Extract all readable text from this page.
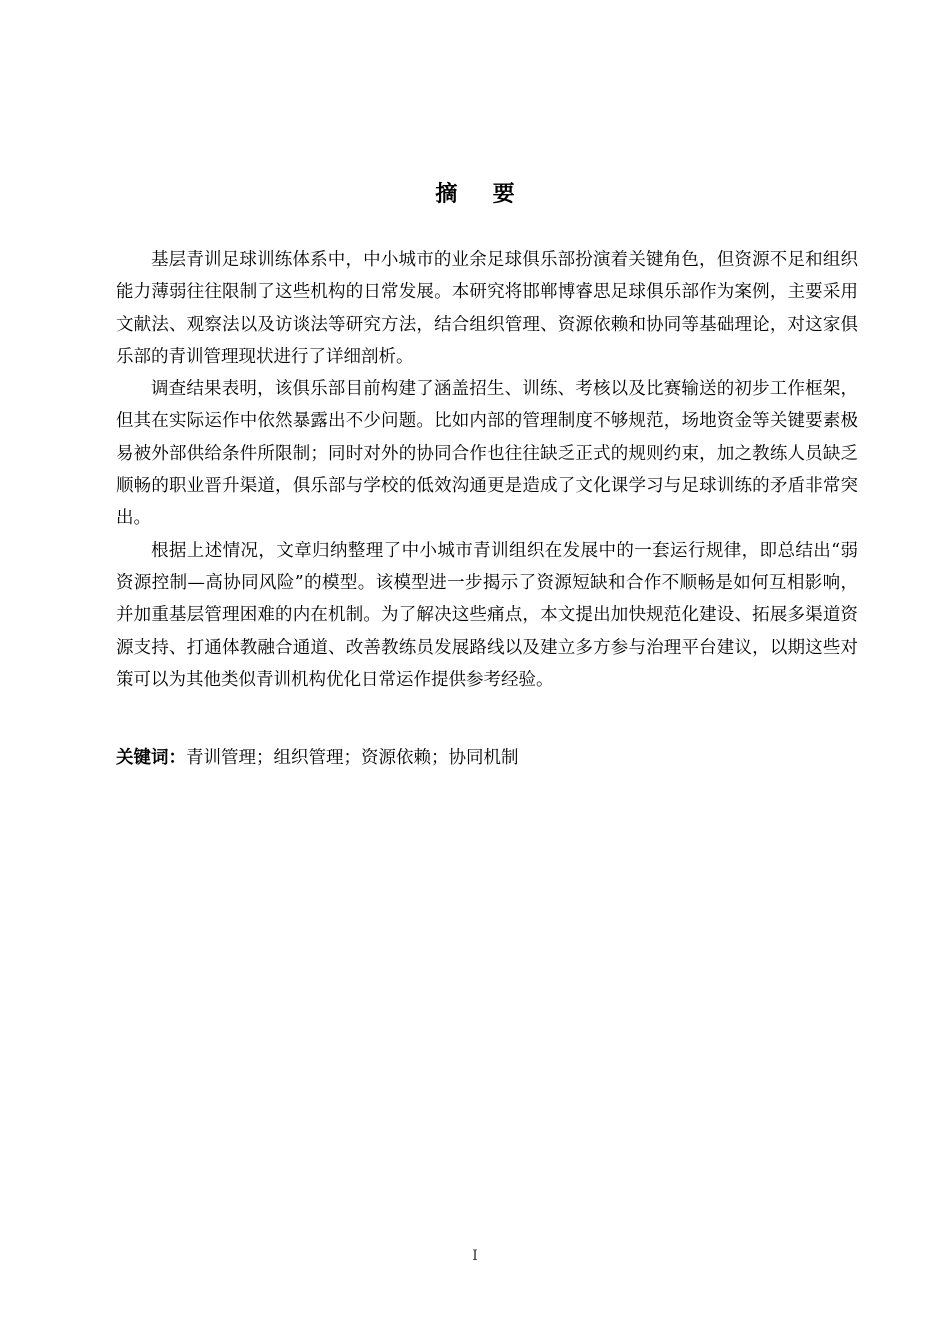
摘要

基层青训足球训练体系中，中小城市的业余足球俱乐部扮演着关键角色，但资源不足和组织能力薄弱往往限制了这些机构的日常发展。本研究将邯郸博睿思足球俱乐部作为案例，主要采用文献法、观察法以及访谈法等研究方法，结合组织管理、资源依赖和协同等基础理论，对这家俱乐部的青训管理现状进行了详细剖析。

调查结果表明，该俱乐部目前构建了涵盖招生、训练、考核以及比赛输送的初步工作框架，但其在实际运作中依然暴露出不少问题。比如内部的管理制度不够规范，场地资金等关键要素极易被外部供给条件所限制；同时对外的协同合作也往往缺乏正式的规则约束，加之教练人员缺乏顺畅的职业晋升渠道，俱乐部与学校的低效沟通更是造成了文化课学习与足球训练的矛盾非常突出。

根据上述情况，文章归纳整理了中小城市青训组织在发展中的一套运行规律，即总结出“弱资源控制—高协同风险”的模型。该模型进一步揭示了资源短缺和合作不顺畅是如何互相影响，并加重基层管理困难的内在机制。为了解决这些痛点，本文提出加快规范化建设、拓展多渠道资源支持、打通体教融合通道、改善教练员发展路线以及建立多方参与治理平台建议，以期这些对策可以为其他类似青训机构优化日常运作提供参考经验。

关键词：青训管理；组织管理；资源依赖；协同机制
I
